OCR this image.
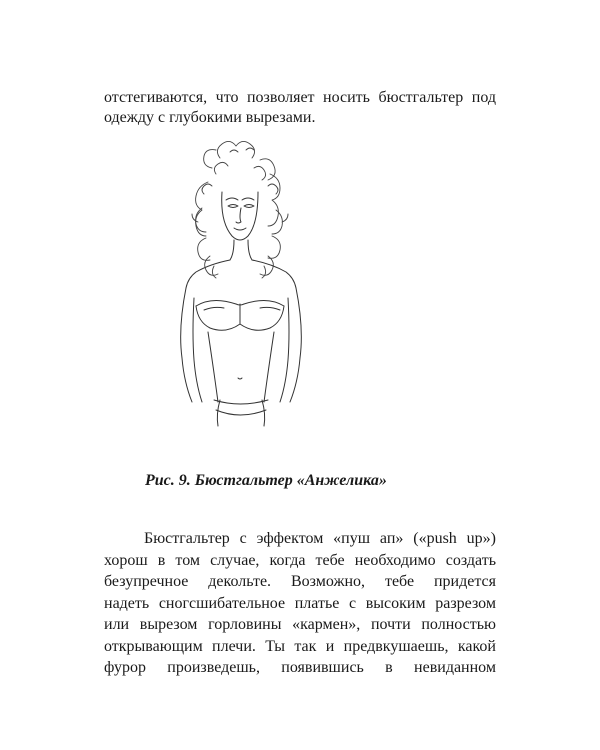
отстегиваются, что позволяет носить бюстгальтер под
одежду с глубокими вырезами.

Рис. 9. Бюстгальтер «Анжелика»

Бюстгальтер с эффектом «пуш ап» («push up»)
хорош в том случае, когда тебе необходимо создать
безупречное декольте. Возможно, тебе придется
надеть сногсшибательное платье с высоким разрезом
или вырезом горловины «кармен», почти полностью
открывающим плечи. Ты так и предвкушаешь, какой
фурор произведешь, появившись в невиданном
